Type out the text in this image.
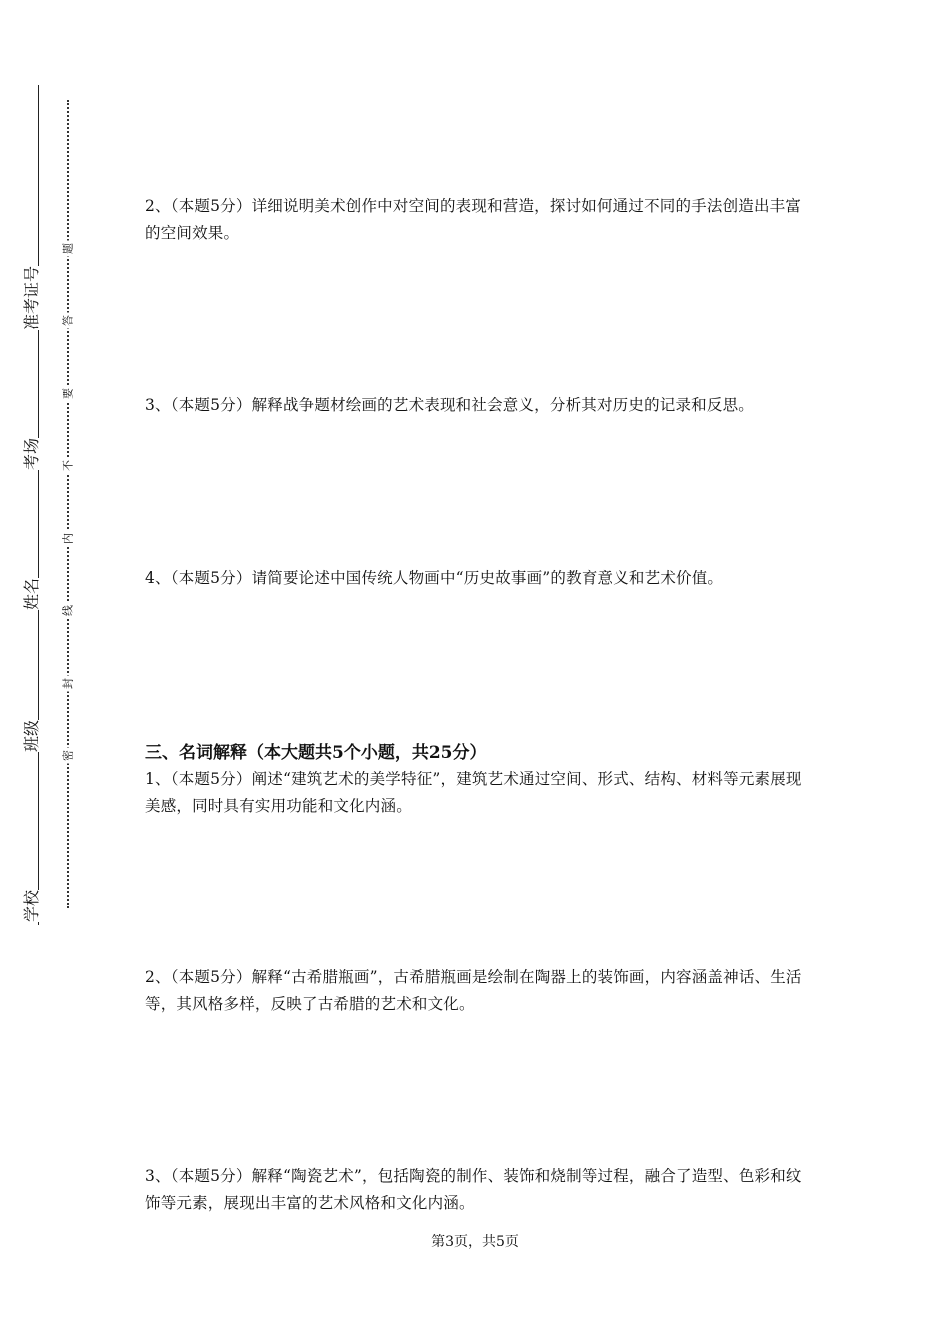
准考证号
考场
姓名
班级
学校
题
答
要
不
内
线
封
密
2、（本题5分）详细说明美术创作中对空间的表现和营造，探讨如何通过不同的手法创造出丰富的空间效果。
3、（本题5分）解释战争题材绘画的艺术表现和社会意义，分析其对历史的记录和反思。
4、（本题5分）请简要论述中国传统人物画中“历史故事画”的教育意义和艺术价值。
三、名词解释（本大题共5个小题，共25分）
1、（本题5分）阐述“建筑艺术的美学特征”，建筑艺术通过空间、形式、结构、材料等元素展现美感，同时具有实用功能和文化内涵。
2、（本题5分）解释“古希腊瓶画”，古希腊瓶画是绘制在陶器上的装饰画，内容涵盖神话、生活等，其风格多样，反映了古希腊的艺术和文化。
3、（本题5分）解释“陶瓷艺术”，包括陶瓷的制作、装饰和烧制等过程，融合了造型、色彩和纹饰等元素，展现出丰富的艺术风格和文化内涵。
第3页，共5页
